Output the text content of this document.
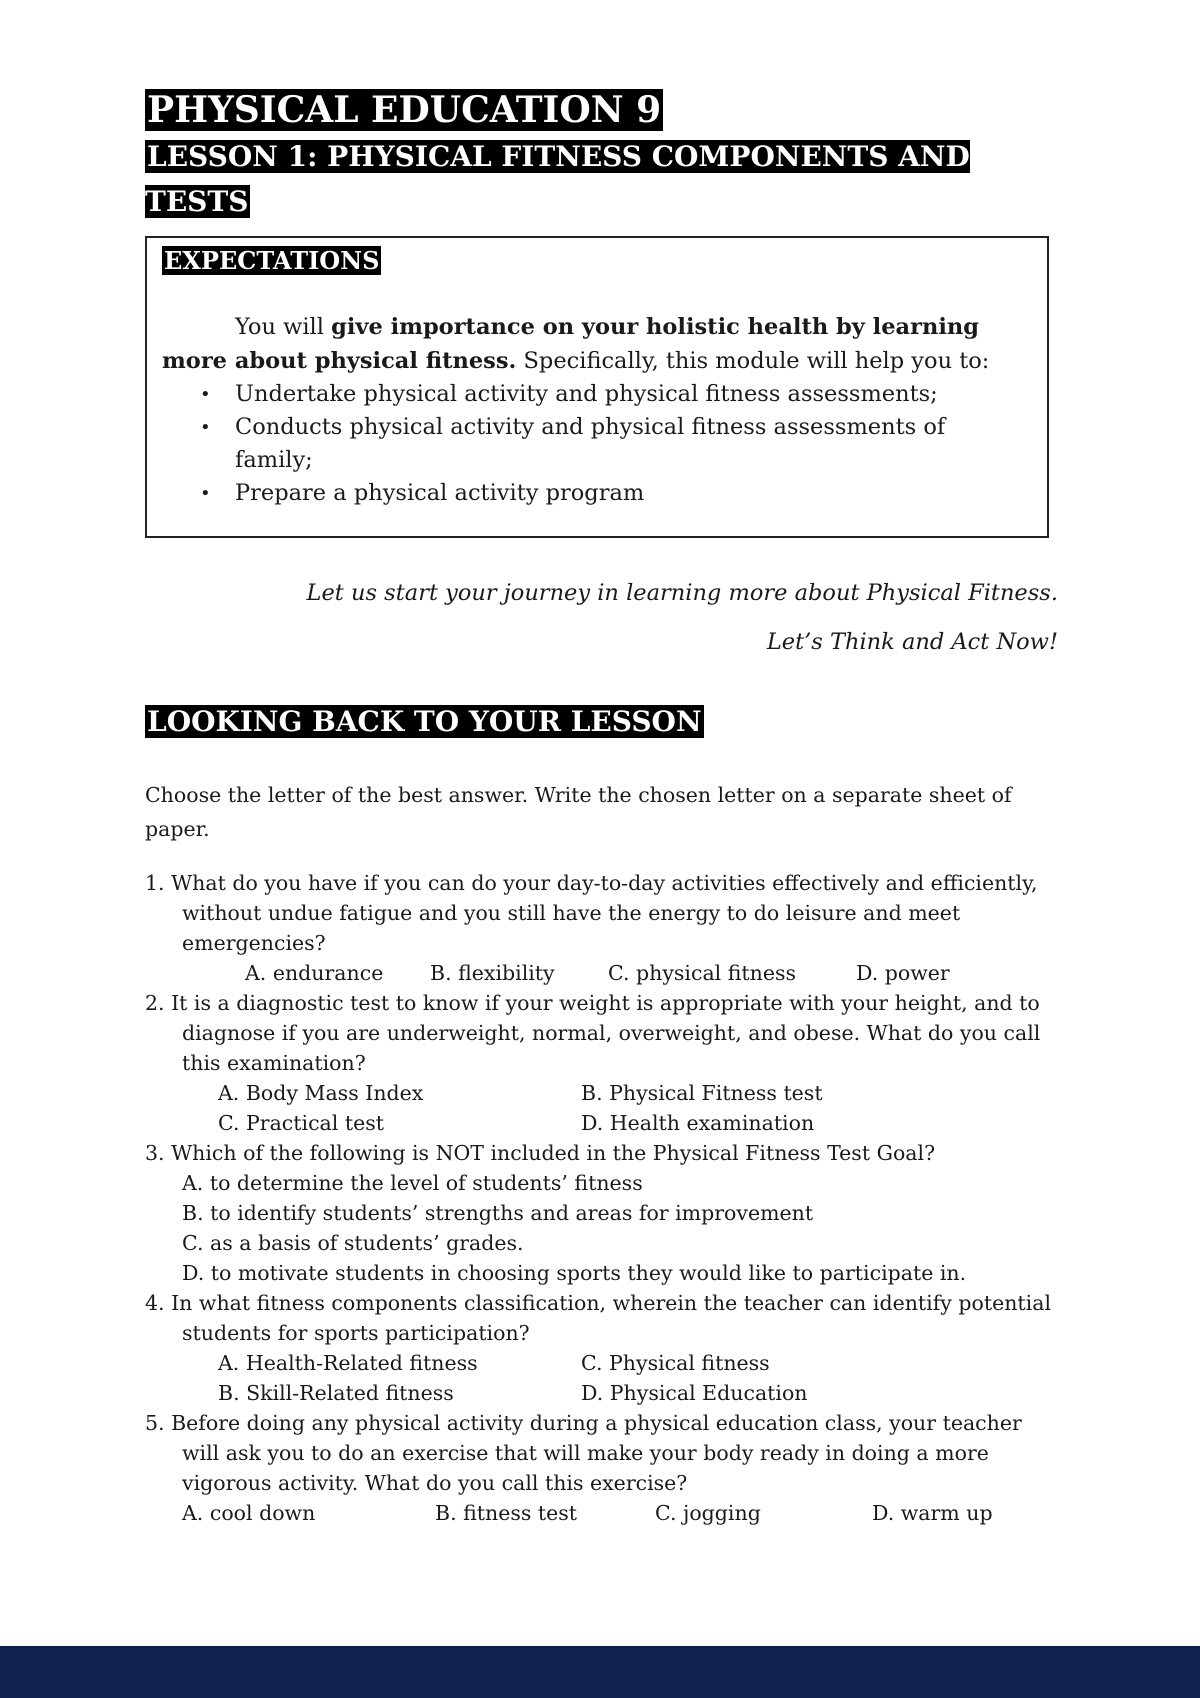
PHYSICAL EDUCATION 9
LESSON 1: PHYSICAL FITNESS COMPONENTS AND TESTS
EXPECTATIONS

You will give importance on your holistic health by learning more about physical fitness. Specifically, this module will help you to:

• Undertake physical activity and physical fitness assessments;
• Conducts physical activity and physical fitness assessments of family;
• Prepare a physical activity program
Let us start your journey in learning more about Physical Fitness.
Let’s Think and Act Now!
LOOKING BACK TO YOUR LESSON

Choose the letter of the best answer. Write the chosen letter on a separate sheet of paper.

1. What do you have if you can do your day-to-day activities effectively and efficiently, without undue fatigue and you still have the energy to do leisure and meet emergencies?

A. endurance	B. flexibility	C. physical fitness	D. power

2. It is a diagnostic test to know if your weight is appropriate with your height, and to diagnose if you are underweight, normal, overweight, and obese. What do you call this examination?

A. Body Mass Index	B. Physical Fitness test
C. Practical test	D. Health examination

3. Which of the following is NOT included in the Physical Fitness Test Goal?

A. to determine the level of students’ fitness B. to identify students’ strengths and areas for improvement C. as a basis of students’ grades. D. to motivate students in choosing sports they would like to participate in.

4. In what fitness components classification, wherein the teacher can identify potential students for sports participation?

A. Health-Related fitness	C. Physical fitness
B. Skill-Related fitness	D. Physical Education

5. Before doing any physical activity during a physical education class, your teacher will ask you to do an exercise that will make your body ready in doing a more vigorous activity. What do you call this exercise?

A. cool down	B. fitness test	C. jogging	D. warm up
